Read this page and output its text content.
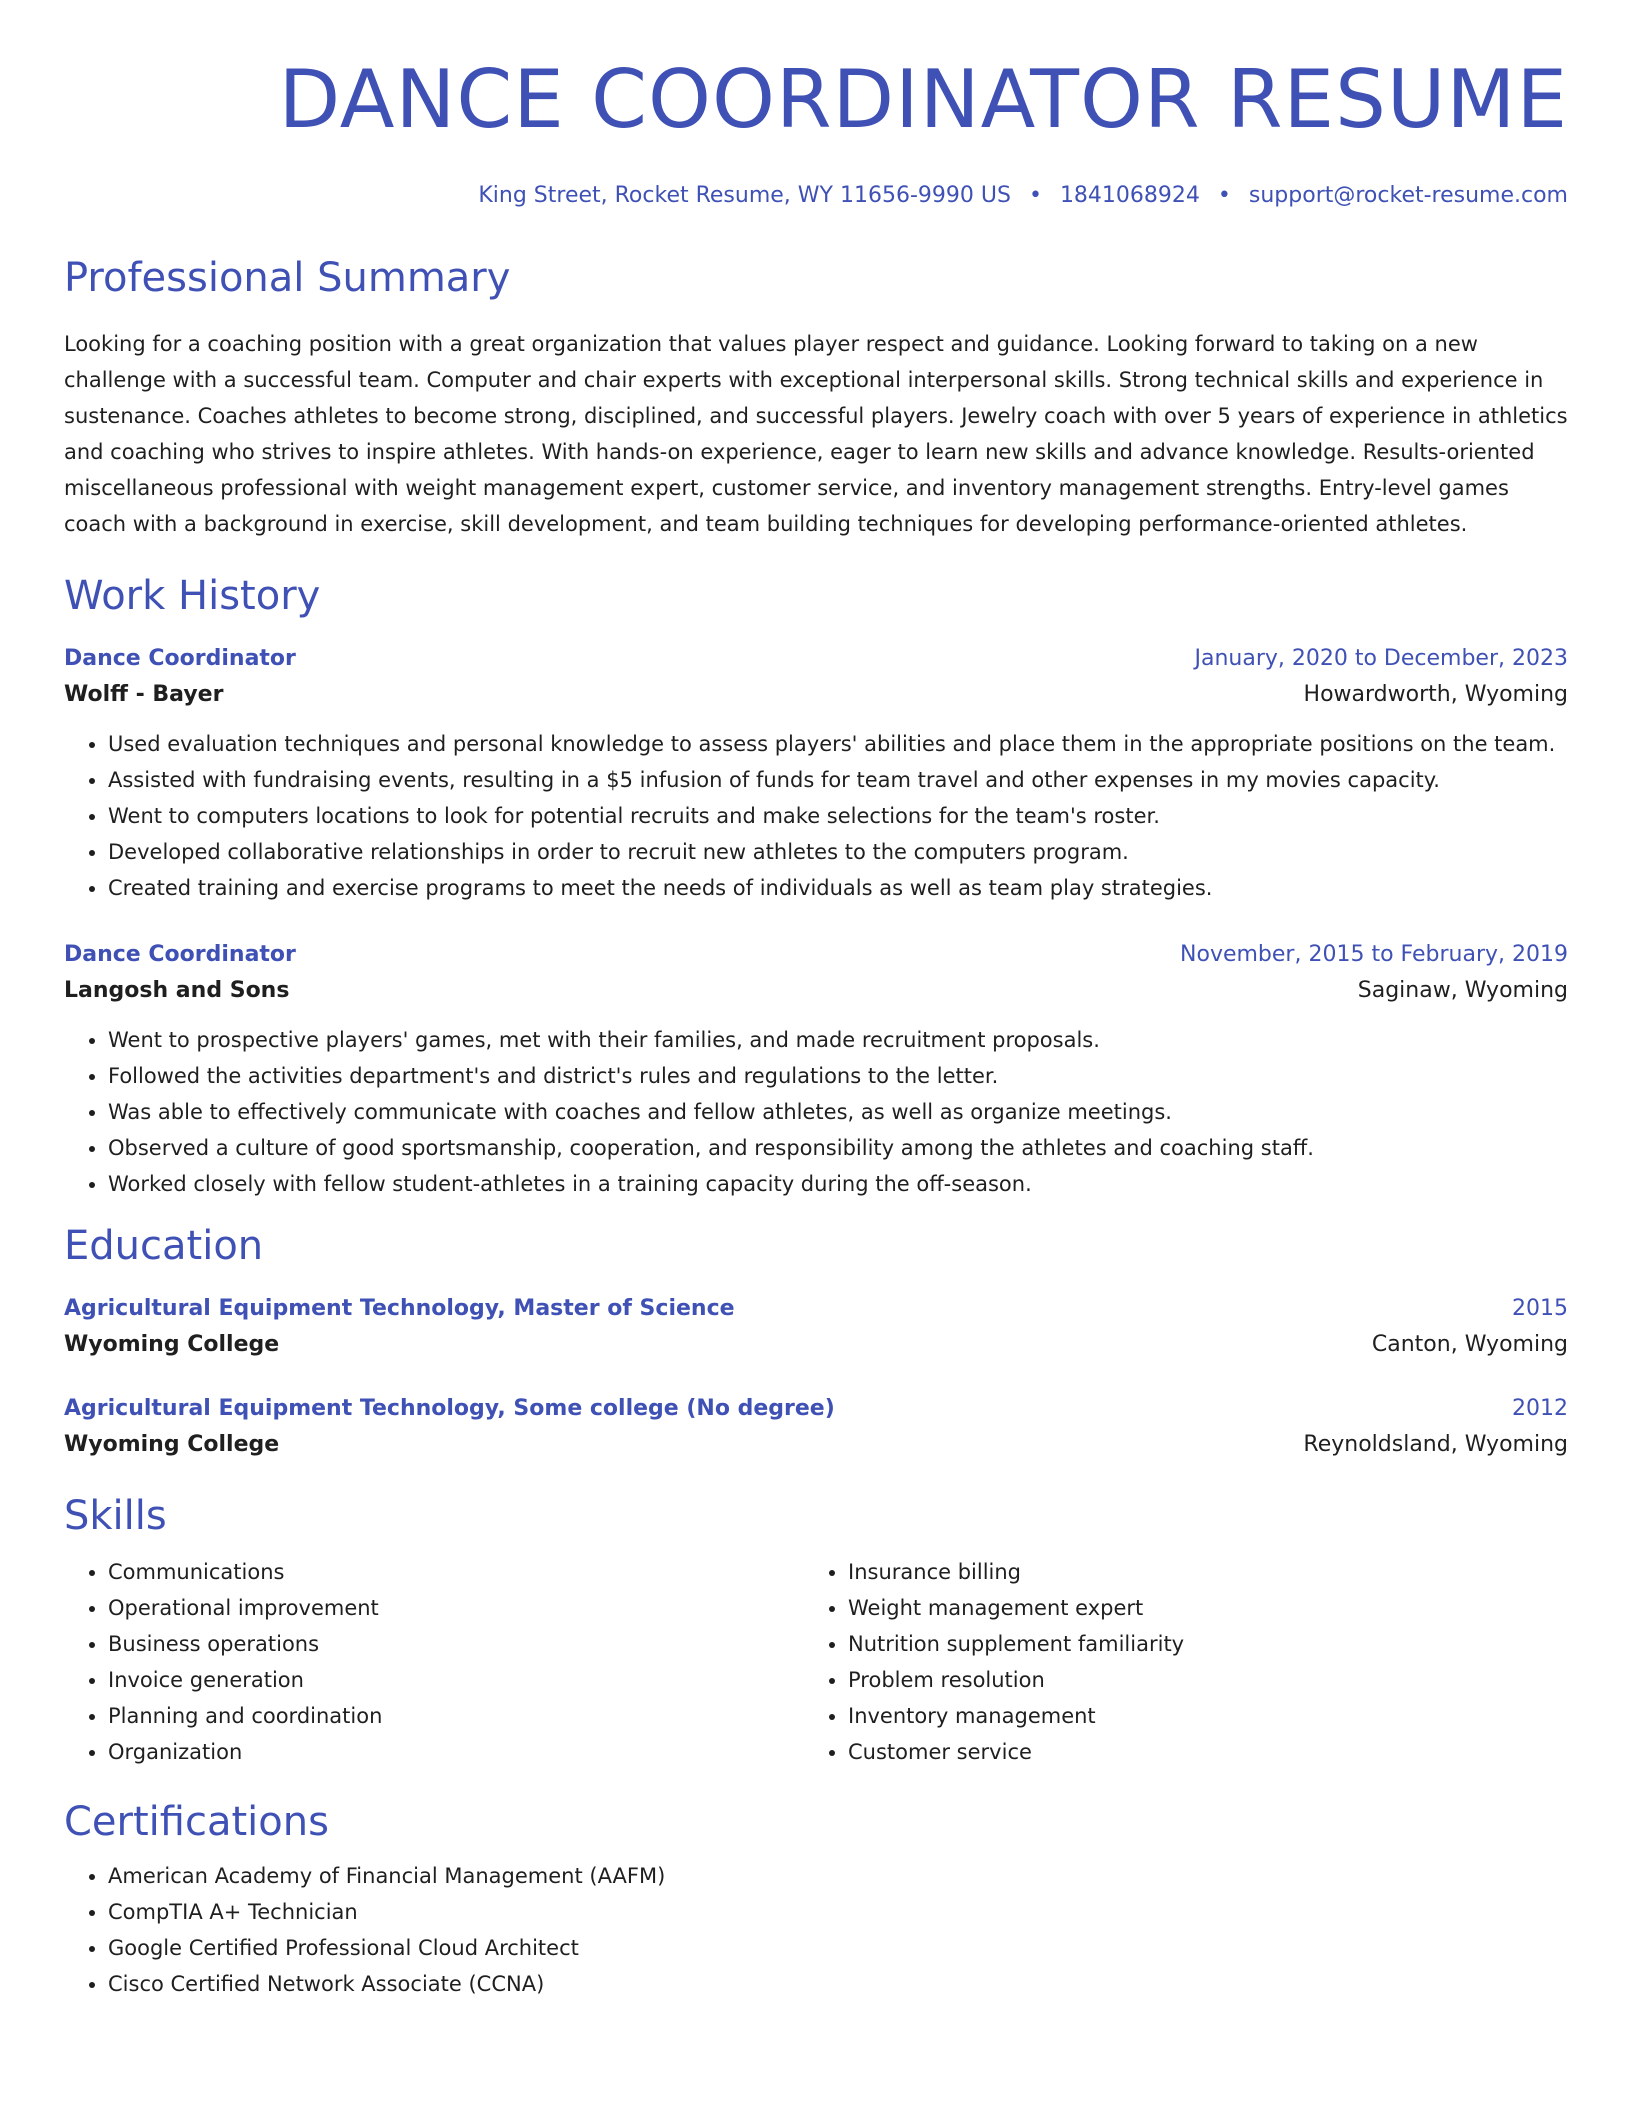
DANCE COORDINATOR RESUME
King Street, Rocket Resume, WY 11656-9990 US • 1841068924 • support@rocket-resume.com
Professional Summary

Looking for a coaching position with a great organization that values player respect and guidance. Looking forward to taking on a new challenge with a successful team. Computer and chair experts with exceptional interpersonal skills. Strong technical skills and experience in sustenance. Coaches athletes to become strong, disciplined, and successful players. Jewelry coach with over 5 years of experience in athletics and coaching who strives to inspire athletes. With hands-on experience, eager to learn new skills and advance knowledge. Results-oriented miscellaneous professional with weight management expert, customer service, and inventory management strengths. Entry-level games coach with a background in exercise, skill development, and team building techniques for developing performance-oriented athletes.

Work History
Dance Coordinator	January, 2020 to December, 2023
Wolff - Bayer	Howardworth, Wyoming
• Used evaluation techniques and personal knowledge to assess players' abilities and place them in the appropriate positions on the team.
• Assisted with fundraising events, resulting in a $5 infusion of funds for team travel and other expenses in my movies capacity.
• Went to computers locations to look for potential recruits and make selections for the team's roster.
• Developed collaborative relationships in order to recruit new athletes to the computers program.
• Created training and exercise programs to meet the needs of individuals as well as team play strategies.
Dance Coordinator	November, 2015 to February, 2019
Langosh and Sons	Saginaw, Wyoming
• Went to prospective players' games, met with their families, and made recruitment proposals.
• Followed the activities department's and district's rules and regulations to the letter.
• Was able to effectively communicate with coaches and fellow athletes, as well as organize meetings.
• Observed a culture of good sportsmanship, cooperation, and responsibility among the athletes and coaching staff.
• Worked closely with fellow student-athletes in a training capacity during the off-season.
Education
Agricultural Equipment Technology, Master of Science	2015
Wyoming College	Canton, Wyoming
Agricultural Equipment Technology, Some college (No degree)	2012
Wyoming College	Reynoldsland, Wyoming
Skills
• Communications
• Operational improvement
• Business operations
• Invoice generation
• Planning and coordination
• Organization
• Insurance billing
• Weight management expert
• Nutrition supplement familiarity
• Problem resolution
• Inventory management
• Customer service
Certifications
• American Academy of Financial Management (AAFM)
• CompTIA A+ Technician
• Google Certified Professional Cloud Architect
• Cisco Certified Network Associate (CCNA)
